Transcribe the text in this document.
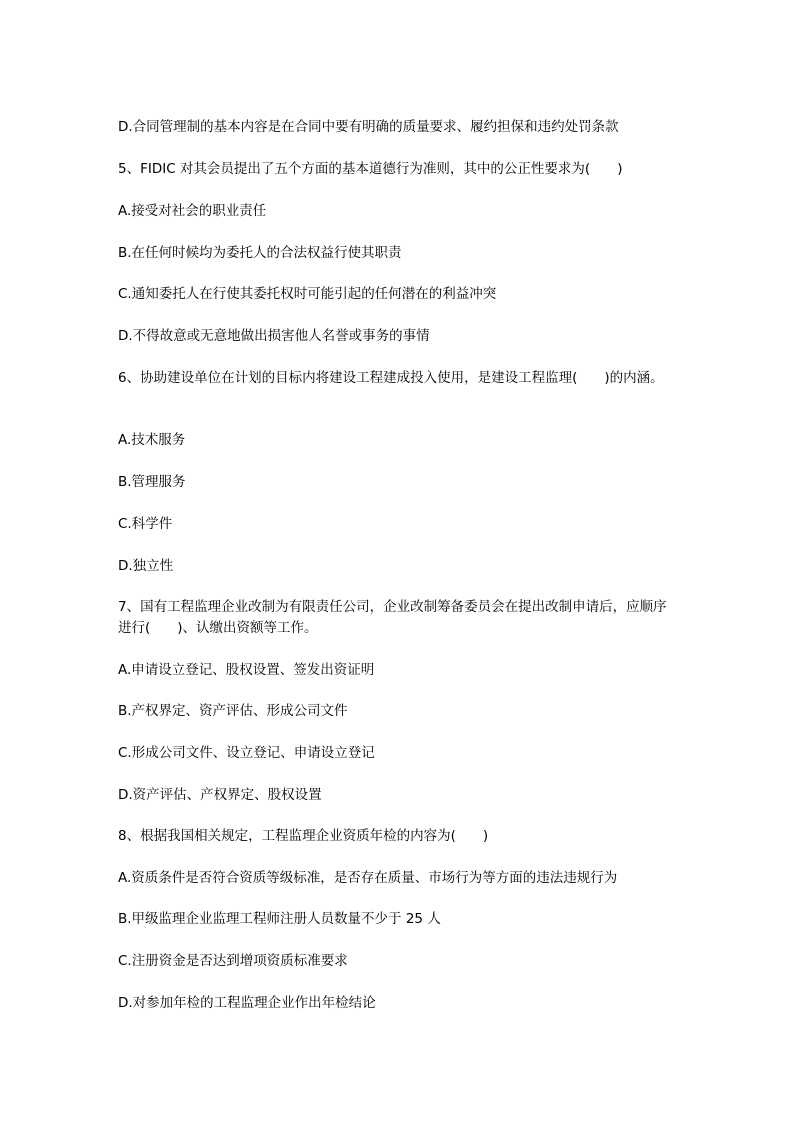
D.合同管理制的基本内容是在合同中要有明确的质量要求、履约担保和违约处罚条款
5、FIDIC 对其会员提出了五个方面的基本道德行为准则，其中的公正性要求为(　　)
A.接受对社会的职业责任
B.在任何时候均为委托人的合法权益行使其职责
C.通知委托人在行使其委托权时可能引起的任何潜在的利益冲突
D.不得故意或无意地做出损害他人名誉或事务的事情
6、协助建设单位在计划的目标内将建设工程建成投入使用，是建设工程监理(　　)的内涵。
A.技术服务
B.管理服务
C.科学件
D.独立性
7、国有工程监理企业改制为有限责任公司，企业改制筹备委员会在提出改制申请后，应顺序进行(　　)、认缴出资额等工作。
A.申请设立登记、股权设置、签发出资证明
B.产权界定、资产评估、形成公司文件
C.形成公司文件、设立登记、申请设立登记
D.资产评估、产权界定、股权设置
8、根据我国相关规定，工程监理企业资质年检的内容为(　　)
A.资质条件是否符合资质等级标准，是否存在质量、市场行为等方面的违法违规行为
B.甲级监理企业监理工程师注册人员数量不少于 25 人
C.注册资金是否达到增项资质标准要求
D.对参加年检的工程监理企业作出年检结论
